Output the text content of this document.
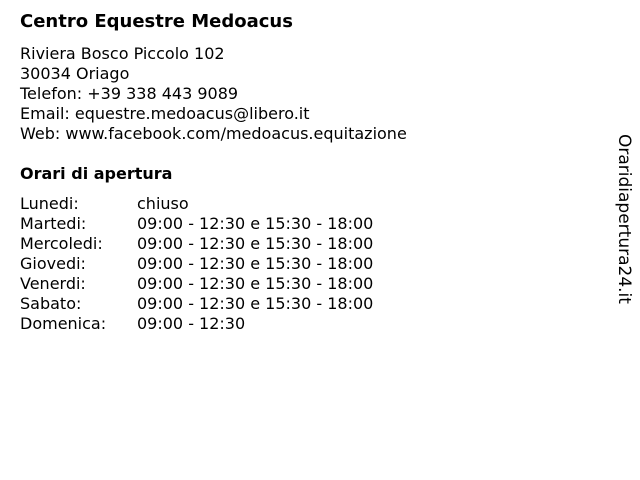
Centro Equestre Medoacus
Riviera Bosco Piccolo 102
30034 Oriago
Telefon: +39 338 443 9089
Email: equestre.medoacus@libero.it
Web: www.facebook.com/medoacus.equitazione
Orari di apertura
Lunedi:	chiuso
Martedi:	09:00 - 12:30 e 15:30 - 18:00
Mercoledi:	09:00 - 12:30 e 15:30 - 18:00
Giovedi:	09:00 - 12:30 e 15:30 - 18:00
Venerdi:	09:00 - 12:30 e 15:30 - 18:00
Sabato:	09:00 - 12:30 e 15:30 - 18:00
Domenica:	09:00 - 12:30
Oraridiapertura24.it
